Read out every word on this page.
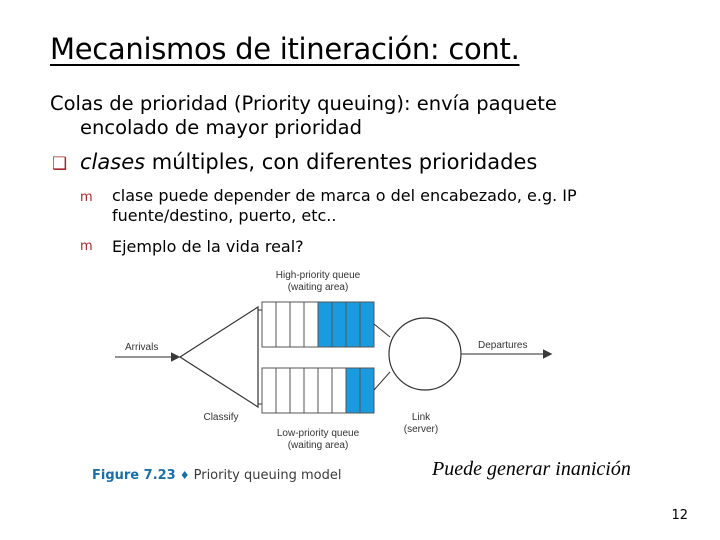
Mecanismos de itineración: cont.
Colas de prioridad (Priority queuing): envía paquete
encolado de mayor prioridad
❑ clases múltiples, con diferentes prioridades
m clase puede depender de marca o del encabezado, e.g. IP fuente/destino, puerto, etc..
m Ejemplo de la vida real?
High-priority queue
(waiting area)
Arrivals
Classify
Departures
Low-priority queue
(waiting area)
Link
(server)
Figure 7.23 ♦ Priority queuing model	Puede generar inanición
12
